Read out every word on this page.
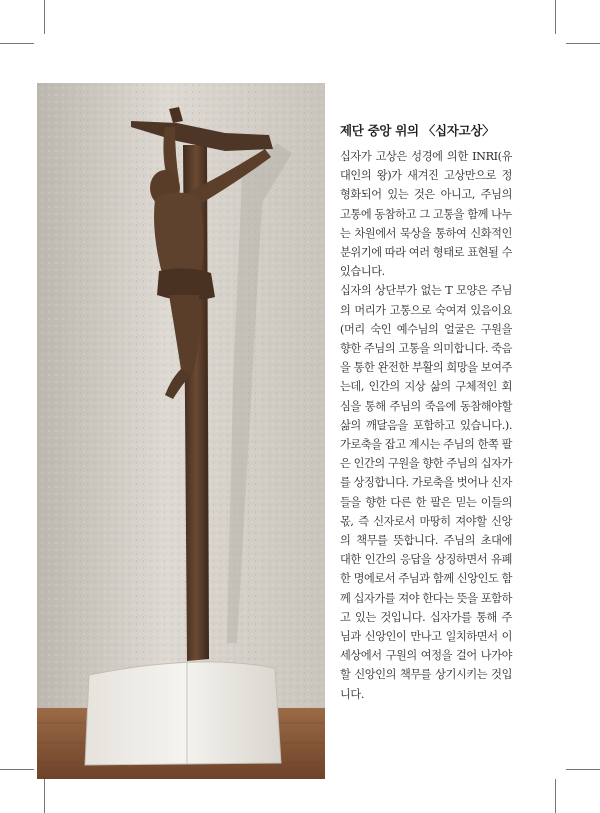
제단 중앙 위의 〈십자고상〉

십자가 고상은 성경에 의한 INRI(유대인의 왕)가 새겨진 고상만으로 정형화되어 있는 것은 아니고, 주님의 고통에 동참하고 그 고통을 함께 나누는 차원에서 묵상을 통하여 신화적인 분위기에 따라 여러 형태로 표현될 수 있습니다.

십자의 상단부가 없는 T 모양은 주님의 머리가 고통으로 숙여져 있음이요(머리 숙인 예수님의 얼굴은 구원을 향한 주님의 고통을 의미합니다. 죽음을 통한 완전한 부활의 희망을 보여주는데, 인간의 지상 삶의 구체적인 회심을 통해 주님의 죽음에 동참해야할 삶의 깨달음을 포함하고 있습니다.). 가로축을 잡고 계시는 주님의 한쪽 팔은 인간의 구원을 향한 주님의 십자가를 상징합니다. 가로축을 벗어나 신자들을 향한 다른 한 팔은 믿는 이들의 몫, 즉 신자로서 마땅히 져야할 신앙의 책무를 뜻합니다. 주님의 초대에 대한 인간의 응답을 상징하면서 유폐한 명에로서 주님과 함께 신앙인도 함께 십자가를 져야 한다는 뜻을 포함하고 있는 것입니다. 십자가를 통해 주님과 신앙인이 만나고 일치하면서 이 세상에서 구원의 여정을 걸어 나가야할 신앙인의 책무를 상기시키는 것입니다.
